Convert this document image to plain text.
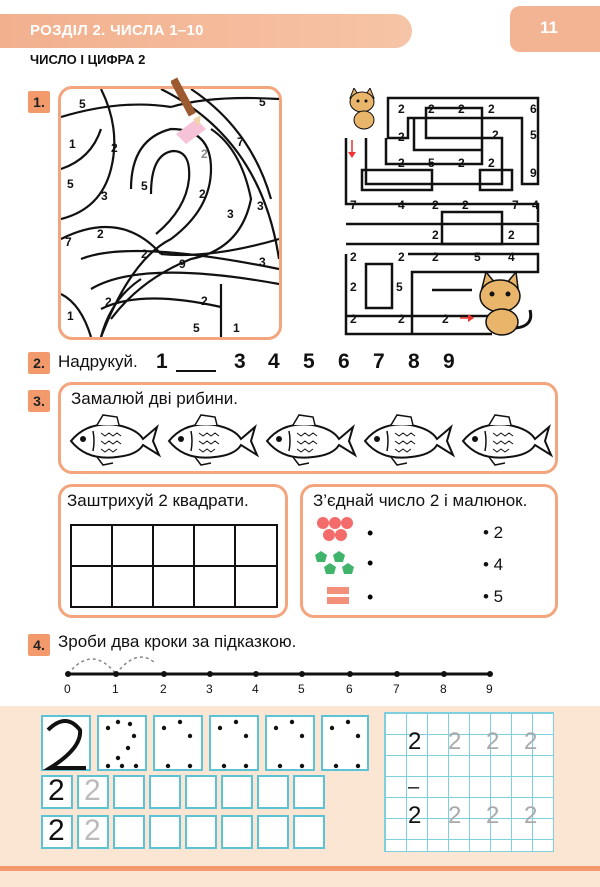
РОЗДІЛ 2. ЧИСЛА 1–10	11
ЧИСЛО І ЦИФРА 2
1.	5	5
1	2	2
7
5
3
5
2
7
3
2
3
9	3
2
2
2
1
5	1
2 2 2 2	6
2	2	5
2 5 2 2
9
7	4 2 2	7 4
2	2
2	2 2	5 4
2	5
2	2	2
2. Надрукуй. 1	3 4 5 6 7 8 9
3.	Замалюй дві рибини.
Заштрихуй 2 квадрати.	З’єднай число 2 і малюнок.
•
•
•
• 2
• 4
• 5
4. Зроби два кроки за підказкою.
0	1	2	3	4	5	6	7	8	9
2 2
2 2
2 2 2 2
–
2 2 2 2
